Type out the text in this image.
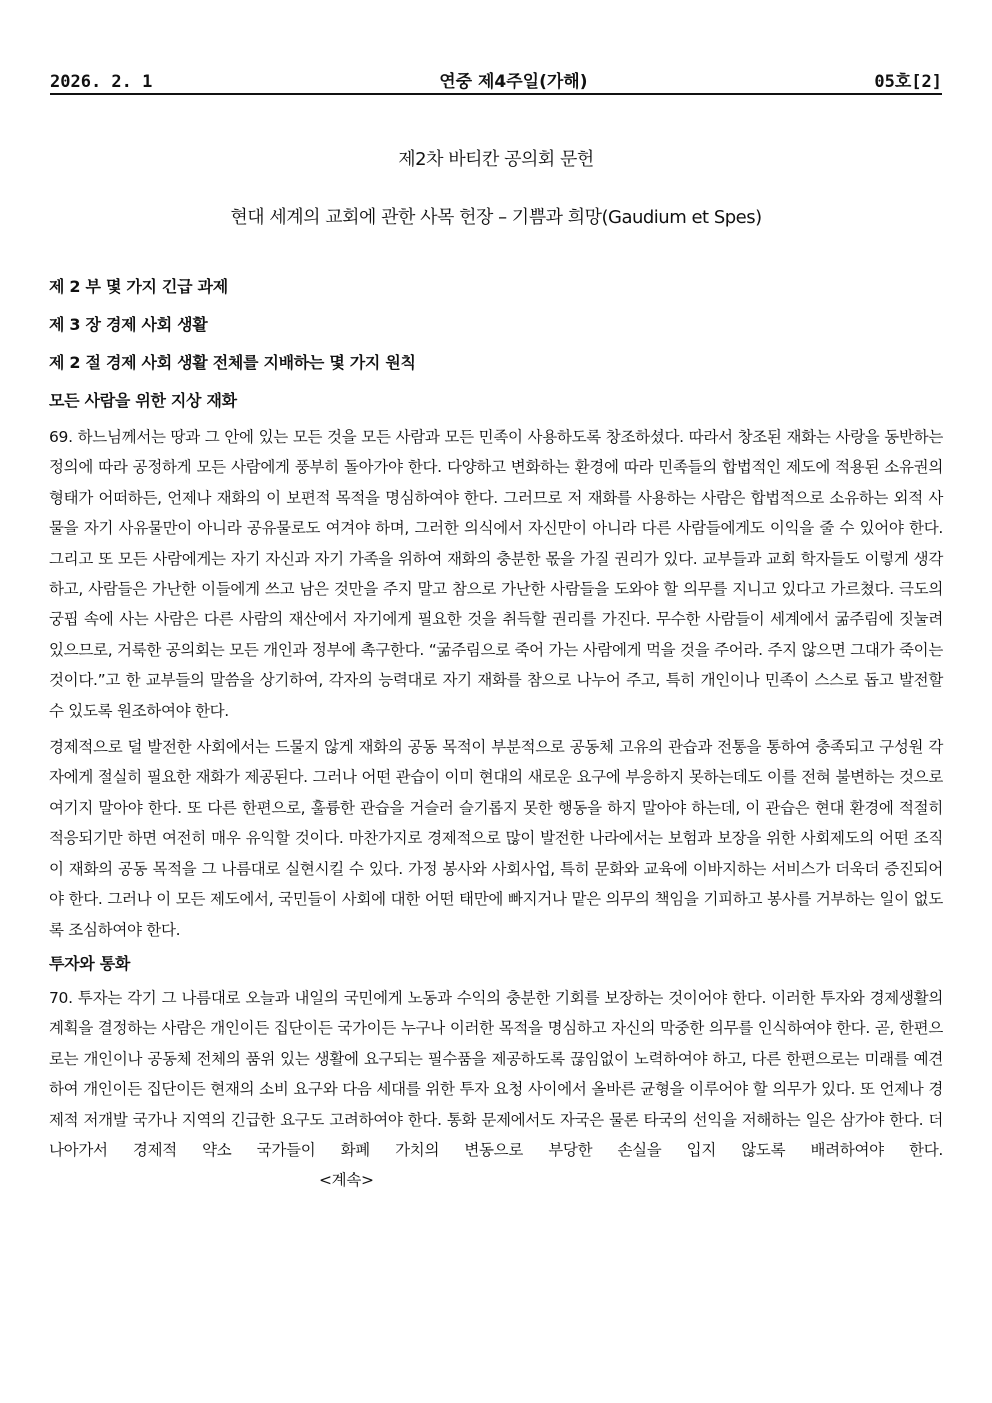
2026. 2. 1	연중 제4주일(가해)	05호[2]
제2차 바티칸 공의회 문헌
현대 세계의 교회에 관한 사목 헌장 – 기쁨과 희망(Gaudium et Spes)
제 2 부 몇 가지 긴급 과제
제 3 장 경제 사회 생활
제 2 절 경제 사회 생활 전체를 지배하는 몇 가지 원칙
모든 사람을 위한 지상 재화

69. 하느님께서는 땅과 그 안에 있는 모든 것을 모든 사람과 모든 민족이 사용하도록 창조하셨다. 따라서 창조된 재화는 사랑을 동반하는 정의에 따라 공정하게 모든 사람에게 풍부히 돌아가야 한다. 다양하고 변화하는 환경에 따라 민족들의 합법적인 제도에 적용된 소유권의 형태가 어떠하든, 언제나 재화의 이 보편적 목적을 명심하여야 한다. 그러므로 저 재화를 사용하는 사람은 합법적으로 소유하는 외적 사물을 자기 사유물만이 아니라 공유물로도 여겨야 하며, 그러한 의식에서 자신만이 아니라 다른 사람들에게도 이익을 줄 수 있어야 한다. 그리고 또 모든 사람에게는 자기 자신과 자기 가족을 위하여 재화의 충분한 몫을 가질 권리가 있다. 교부들과 교회 학자들도 이렇게 생각하고, 사람들은 가난한 이들에게 쓰고 남은 것만을 주지 말고 참으로 가난한 사람들을 도와야 할 의무를 지니고 있다고 가르쳤다. 극도의 궁핍 속에 사는 사람은 다른 사람의 재산에서 자기에게 필요한 것을 취득할 권리를 가진다. 무수한 사람들이 세계에서 굶주림에 짓눌려 있으므로, 거룩한 공의회는 모든 개인과 정부에 촉구한다. “굶주림으로 죽어 가는 사람에게 먹을 것을 주어라. 주지 않으면 그대가 죽이는 것이다.”고 한 교부들의 말씀을 상기하여, 각자의 능력대로 자기 재화를 참으로 나누어 주고, 특히 개인이나 민족이 스스로 돕고 발전할 수 있도록 원조하여야 한다.

경제적으로 덜 발전한 사회에서는 드물지 않게 재화의 공동 목적이 부분적으로 공동체 고유의 관습과 전통을 통하여 충족되고 구성원 각자에게 절실히 필요한 재화가 제공된다. 그러나 어떤 관습이 이미 현대의 새로운 요구에 부응하지 못하는데도 이를 전혀 불변하는 것으로 여기지 말아야 한다. 또 다른 한편으로, 훌륭한 관습을 거슬러 슬기롭지 못한 행동을 하지 말아야 하는데, 이 관습은 현대 환경에 적절히 적응되기만 하면 여전히 매우 유익할 것이다. 마찬가지로 경제적으로 많이 발전한 나라에서는 보험과 보장을 위한 사회제도의 어떤 조직이 재화의 공동 목적을 그 나름대로 실현시킬 수 있다. 가정 봉사와 사회사업, 특히 문화와 교육에 이바지하는 서비스가 더욱더 증진되어야 한다. 그러나 이 모든 제도에서, 국민들이 사회에 대한 어떤 태만에 빠지거나 맡은 의무의 책임을 기피하고 봉사를 거부하는 일이 없도록 조심하여야 한다.

투자와 통화

70. 투자는 각기 그 나름대로 오늘과 내일의 국민에게 노동과 수익의 충분한 기회를 보장하는 것이어야 한다. 이러한 투자와 경제생활의 계획을 결정하는 사람은 개인이든 집단이든 국가이든 누구나 이러한 목적을 명심하고 자신의 막중한 의무를 인식하여야 한다. 곧, 한편으로는 개인이나 공동체 전체의 품위 있는 생활에 요구되는 필수품을 제공하도록 끊임없이 노력하여야 하고, 다른 한편으로는 미래를 예견하여 개인이든 집단이든 현재의 소비 요구와 다음 세대를 위한 투자 요청 사이에서 올바른 균형을 이루어야 할 의무가 있다. 또 언제나 경제적 저개발 국가나 지역의 긴급한 요구도 고려하여야 한다. 통화 문제에서도 자국은 물론 타국의 선익을 저해하는 일은 삼가야 한다. 더 나아가서 경제적 약소 국가들이 화폐 가치의 변동으로 부당한 손실을 입지 않도록 배려하여야 한다.<계속>
